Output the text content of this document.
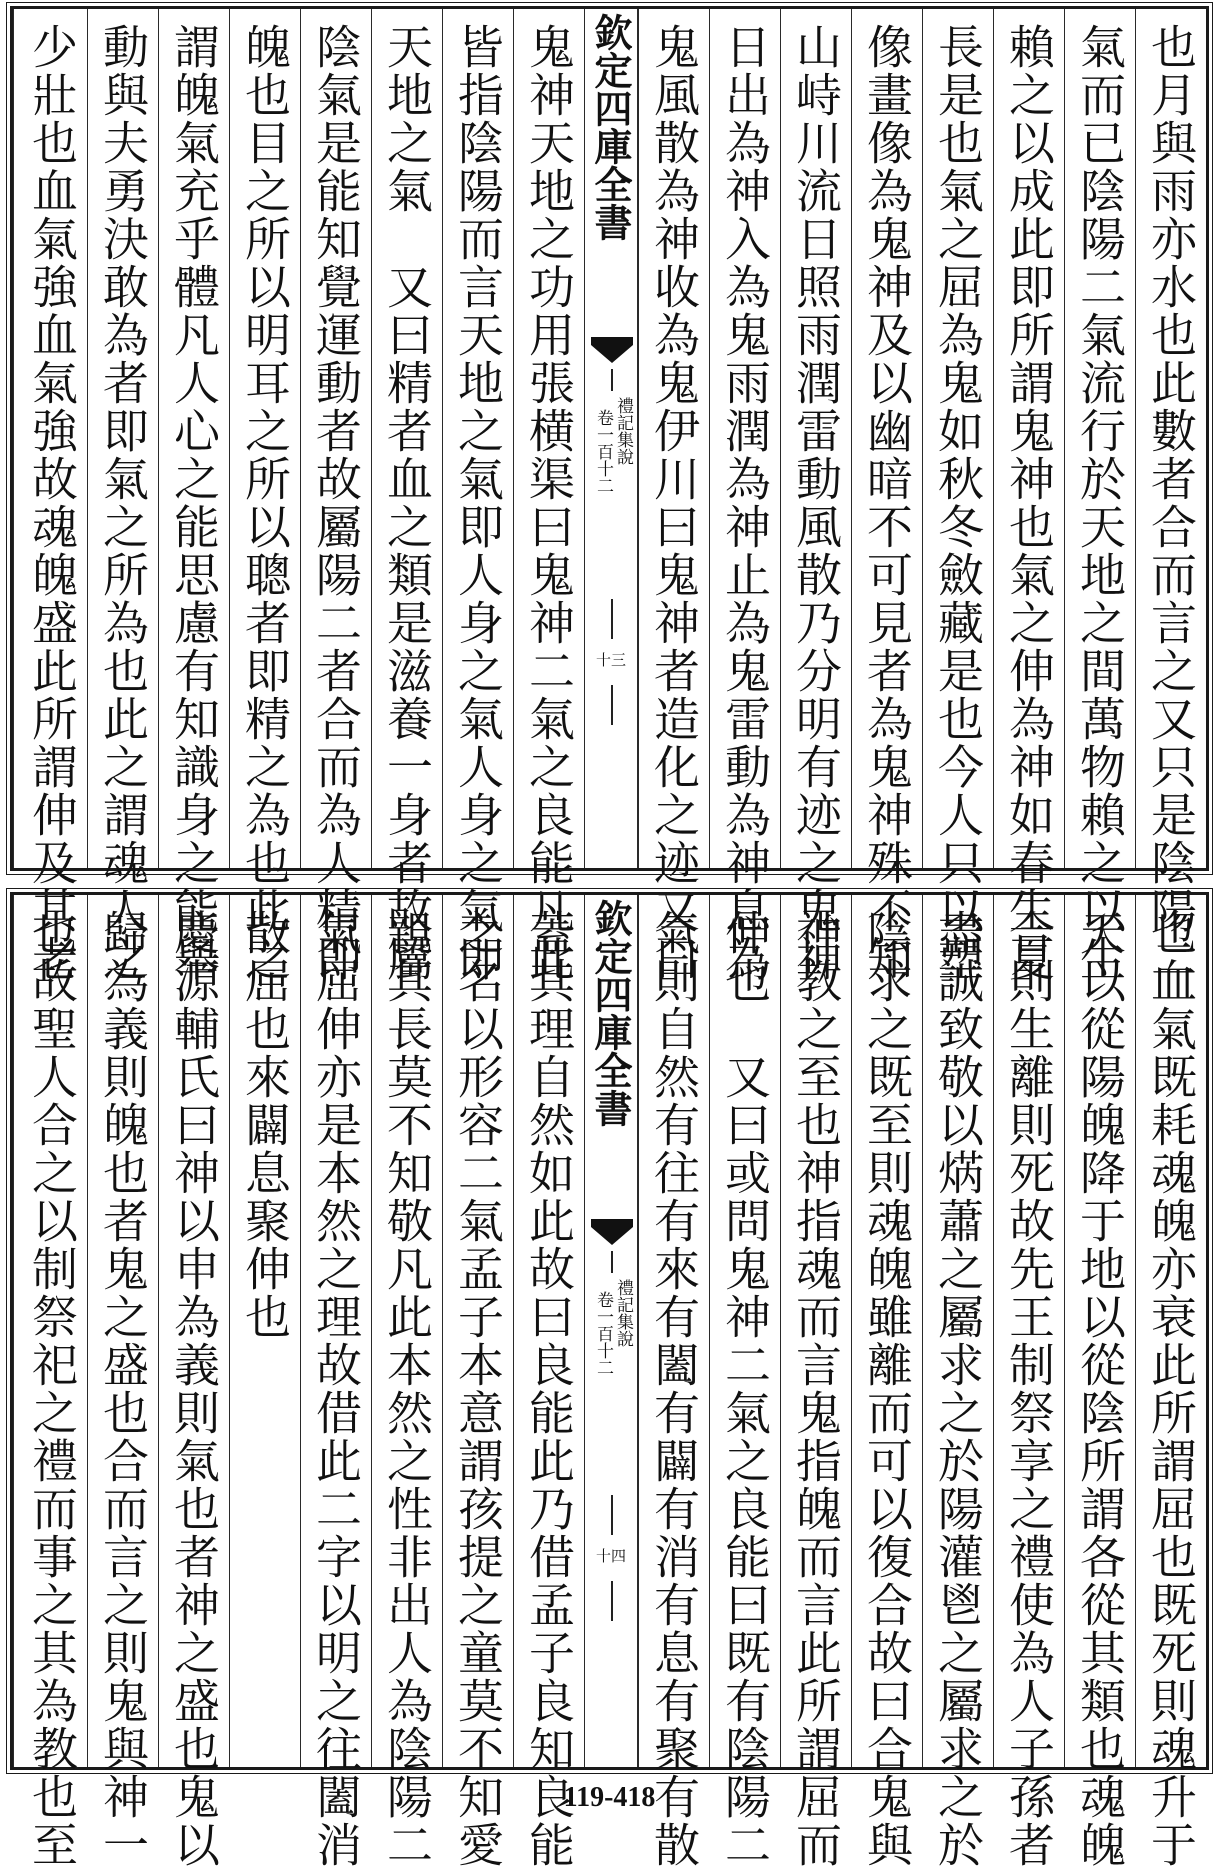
也月與雨亦水也此數者合而言之又只是陰陽二
氣而已陰陽二氣流行於天地之間萬物賴之以生
賴之以成此即所謂鬼神也氣之伸為神如春生夏
長是也氣之屈為鬼如秋冬斂藏是也今人只以塑
像畫像為鬼神及以幽暗不可見者為鬼神殊不知
山峙川流日照雨潤雷動風散乃分明有迹之鬼神
日出為神入為鬼雨潤為神止為鬼雷動為神息為
鬼風散為神收為鬼伊川曰鬼神者造化之迹又曰
欽定四庫全書
禮記集說
卷一百十二
十三
鬼神天地之功用張横渠曰鬼神二氣之良能凡此
皆指陰陽而言天地之氣即人身之氣人身之氣即
天地之氣　又曰精者血之類是滋養一身者故屬
陰氣是能知覺運動者故屬陽二者合而為人精即
魄也目之所以明耳之所以聰者即精之為也此之
謂魄氣充乎體凡人心之能思慮有知識身之能舉
動與夫勇決敢為者即氣之所為也此之謂魂人之
少壯也血氣強血氣強故魂魄盛此所謂伸及其老
也血氣既耗魂魄亦衰此所謂屈也既死則魂升于
天以從陽魄降于地以從陰所謂各從其類也魂魄
合則生離則死故先王制祭享之禮使為人子孫者
盡誠致敬以焫蕭之屬求之於陽灌鬯之屬求之於
陰求之既至則魂魄雖離而可以復合故曰合鬼與
神教之至也神指魂而言鬼指魄而言此所謂屈而
伸也　又曰或問鬼神二氣之良能曰既有陰陽二
氣則自然有往有來有闔有闢有消有息有聚有散
欽定四庫全書
禮記集說
卷一百十二
十四
蓋其理自然如此故曰良能此乃借孟子良知良能
之名以形容二氣孟子本意謂孩提之童莫不知愛
親其長莫不知敬凡此本然之性非出人為陰陽二
氣屈伸亦是本然之理故借此二字以明之往闔消
散屈也來闢息聚伸也
慶源輔氏曰神以申為義則氣也者神之盛也鬼以
歸為義則魄也者鬼之盛也合而言之則鬼與神一
也故聖人合之以制祭祀之禮而事之其為教也至	119-418
